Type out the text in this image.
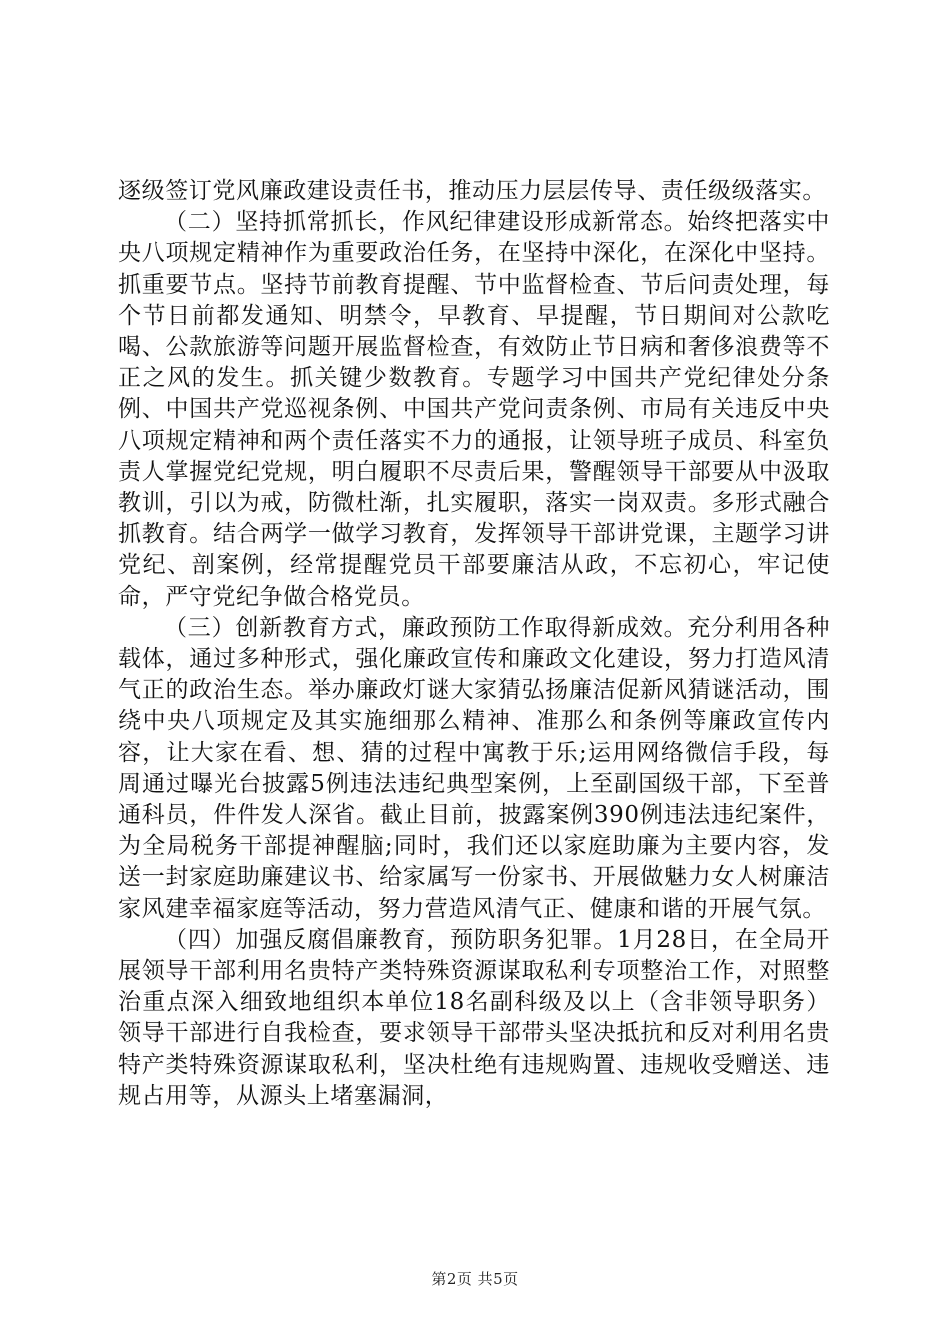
逐级签订党风廉政建设责任书，推动压力层层传导、责任级级落实。

（二）坚持抓常抓长，作风纪律建设形成新常态。始终把落实中央八项规定精神作为重要政治任务，在坚持中深化，在深化中坚持。抓重要节点。坚持节前教育提醒、节中监督检查、节后问责处理，每个节日前都发通知、明禁令，早教育、早提醒，节日期间对公款吃喝、公款旅游等问题开展监督检查，有效防止节日病和奢侈浪费等不正之风的发生。抓关键少数教育。专题学习中国共产党纪律处分条例、中国共产党巡视条例、中国共产党问责条例、市局有关违反中央八项规定精神和两个责任落实不力的通报，让领导班子成员、科室负责人掌握党纪党规，明白履职不尽责后果，警醒领导干部要从中汲取教训，引以为戒，防微杜渐，扎实履职，落实一岗双责。多形式融合抓教育。结合两学一做学习教育，发挥领导干部讲党课，主题学习讲党纪、剖案例，经常提醒党员干部要廉洁从政，不忘初心，牢记使命，严守党纪争做合格党员。

（三）创新教育方式，廉政预防工作取得新成效。充分利用各种载体，通过多种形式，强化廉政宣传和廉政文化建设，努力打造风清气正的政治生态。举办廉政灯谜大家猜弘扬廉洁促新风猜谜活动，围绕中央八项规定及其实施细那么精神、准那么和条例等廉政宣传内容，让大家在看、想、猜的过程中寓教于乐;运用网络微信手段，每周通过曝光台披露5例违法违纪典型案例，上至副国级干部，下至普通科员，件件发人深省。截止目前，披露案例390例违法违纪案件，为全局税务干部提神醒脑;同时，我们还以家庭助廉为主要内容，发送一封家庭助廉建议书、给家属写一份家书、开展做魅力女人树廉洁家风建幸福家庭等活动，努力营造风清气正、健康和谐的开展气氛。

（四）加强反腐倡廉教育，预防职务犯罪。1月28日，在全局开展领导干部利用名贵特产类特殊资源谋取私利专项整治工作，对照整治重点深入细致地组织本单位18名副科级及以上（含非领导职务）领导干部进行自我检查，要求领导干部带头坚决抵抗和反对利用名贵特产类特殊资源谋取私利，坚决杜绝有违规购置、违规收受赠送、违规占用等，从源头上堵塞漏洞，

第2页 共5页
